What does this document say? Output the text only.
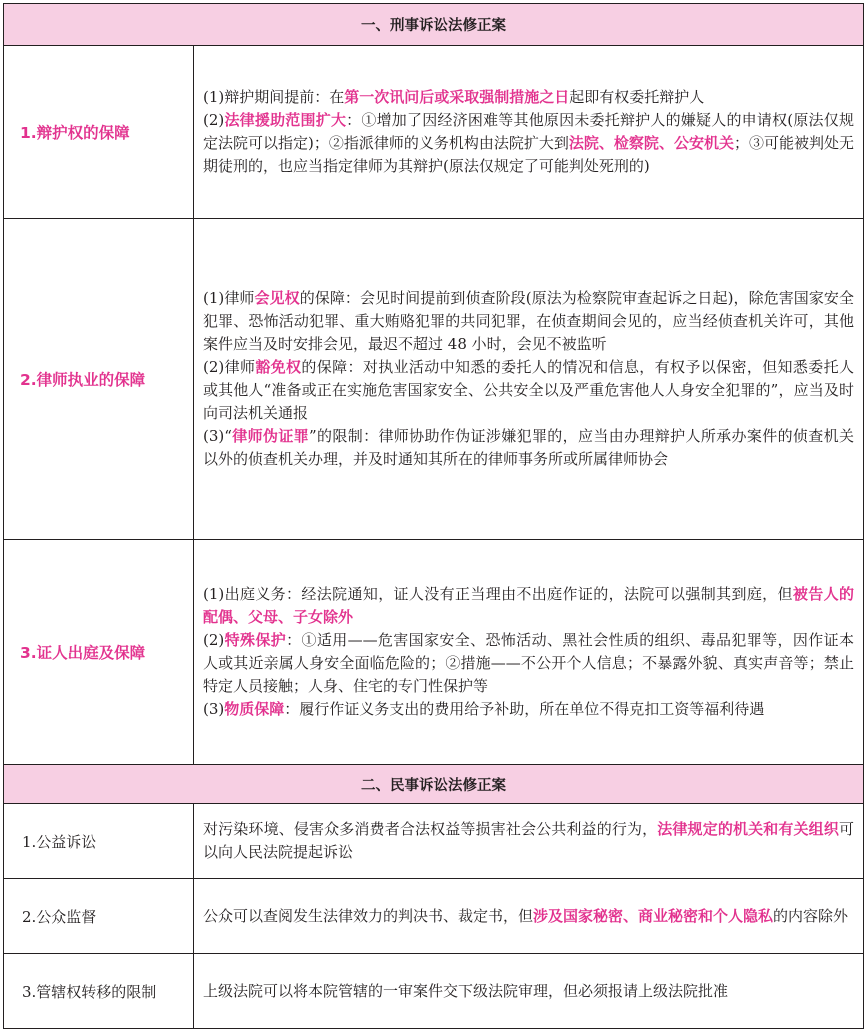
一、刑事诉讼法修正案	
1.辩护权的保障	(1)辩护期间提前：在第一次讯问后或采取强制措施之日起即有权委托辩护人

(2)法律援助范围扩大：①增加了因经济困难等其他原因未委托辩护人的嫌疑人的申请权(原法仅规定法院可以指定)；②指派律师的义务机构由法院扩大到法院、检察院、公安机关；③可能被判处无期徒刑的，也应当指定律师为其辩护(原法仅规定了可能判处死刑的)

2.律师执业的保障	(1)律师会见权的保障：会见时间提前到侦查阶段(原法为检察院审查起诉之日起)，除危害国家安全犯罪、恐怖活动犯罪、重大贿赂犯罪的共同犯罪，在侦查期间会见的，应当经侦查机关许可，其他案件应当及时安排会见，最迟不超过 48 小时，会见不被监听

(2)律师豁免权的保障：对执业活动中知悉的委托人的情况和信息，有权予以保密，但知悉委托人或其他人“准备或正在实施危害国家安全、公共安全以及严重危害他人人身安全犯罪的”，应当及时向司法机关通报

(3)“律师伪证罪”的限制：律师协助作伪证涉嫌犯罪的，应当由办理辩护人所承办案件的侦查机关以外的侦查机关办理，并及时通知其所在的律师事务所或所属律师协会

3.证人出庭及保障	(1)出庭义务：经法院通知，证人没有正当理由不出庭作证的，法院可以强制其到庭，但被告人的配偶、父母、子女除外

(2)特殊保护：①适用——危害国家安全、恐怖活动、黑社会性质的组织、毒品犯罪等，因作证本人或其近亲属人身安全面临危险的；②措施——不公开个人信息；不暴露外貌、真实声音等；禁止特定人员接触；人身、住宅的专门性保护等

(3)物质保障：履行作证义务支出的费用给予补助，所在单位不得克扣工资等福利待遇

二、民事诉讼法修正案	
1.公益诉讼	对污染环境、侵害众多消费者合法权益等损害社会公共利益的行为，法律规定的机关和有关组织可以向人民法院提起诉讼

2.公众监督	公众可以查阅发生法律效力的判决书、裁定书，但涉及国家秘密、商业秘密和个人隐私的内容除外

3.管辖权转移的限制	上级法院可以将本院管辖的一审案件交下级法院审理，但必须报请上级法院批准
